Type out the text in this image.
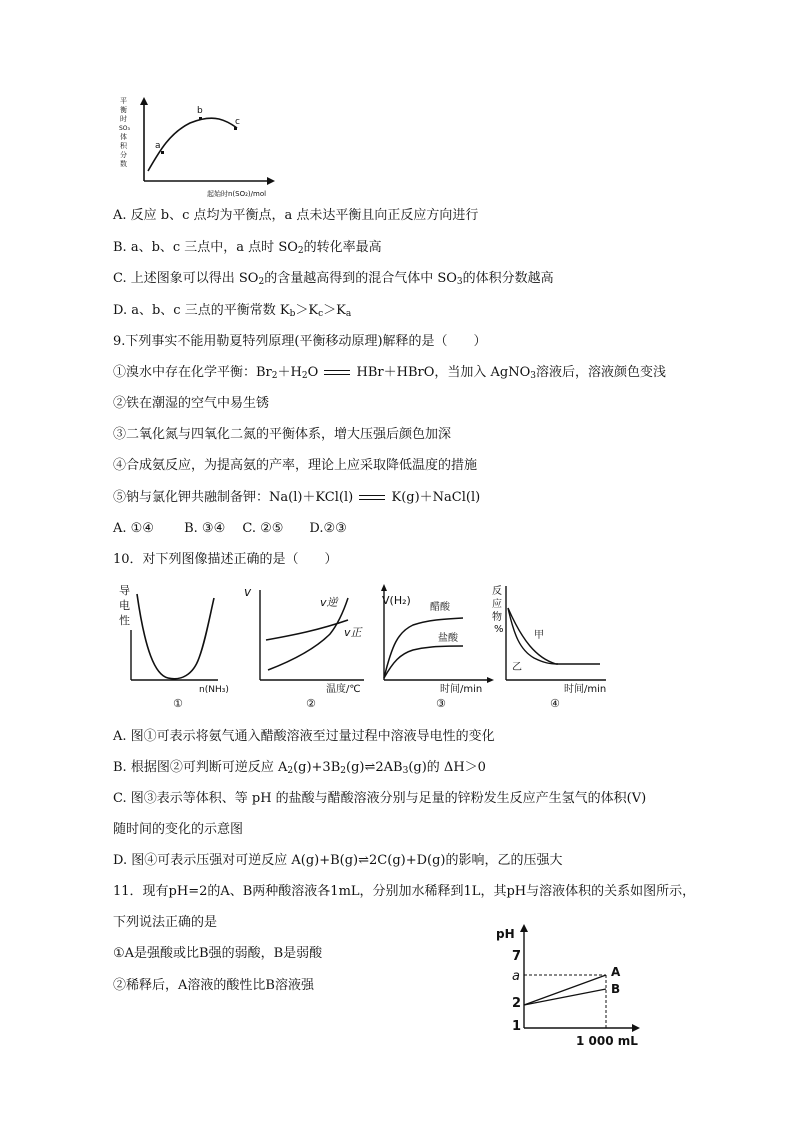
a
b
c
平
衡
时
SO₃
体
积
分
数
起始时n(SO₂)/mol
A. 反应 b、c 点均为平衡点，a 点未达平衡且向正反应方向进行
B. a、b、c 三点中，a 点时 $SO_2$的转化率最高
C. 上述图象可以得出 $SO_2$的含量越高得到的混合气体中 $SO_3$的体积分数越高
D. a、b、c 三点的平衡常数 $K_b>K_c>K_a$
9.下列事实不能用勒夏特列原理(平衡移动原理)解释的是（　　）
①溴水中存在化学平衡：$Br_2+H_2O$	HBr＋HBrO，当加入 AgNO$_3$溶液后，溶液颜色变浅
②铁在潮湿的空气中易生锈
③二氧化氮与四氧化二氮的平衡体系，增大压强后颜色加深
④合成氨反应，为提高氨的产率，理论上应采取降低温度的措施
⑤钠与氯化钾共融制备钾：Na(l)＋KCl(l)	K(g)＋NaCl(l)
A. ①④　　 B. ③④　 C. ②⑤　　D.②③
10．对下列图像描述正确的是（　　）
导
电
性
n(NH₃)
①
v
v逆
v正
温度/℃
②
V(H₂)
醋酸
盐酸
时间/min
③
反
应
物
%
甲
乙
时间/min
④
A. 图①可表示将氨气通入醋酸溶液至过量过程中溶液导电性的变化
B. 根据图②可判断可逆反应 $A_2(g)+3B_2(g)\rightleftharpoons 2AB_3(g)$的 ΔH＞0
C. 图③表示等体积、等 pH 的盐酸与醋酸溶液分别与足量的锌粉发生反应产生氢气的体积(V)
随时间的变化的示意图
D. 图④可表示压强对可逆反应 A(g)+B(g)⇌2C(g)+D(g)的影响，乙的压强大
11．现有pH=2的A、B两种酸溶液各1mL，分别加水稀释到1L，其pH与溶液体积的关系如图所示，
下列说法正确的是
①A是强酸或比B强的弱酸，B是弱酸
②稀释后，A溶液的酸性比B溶液强
pH
7
a
2
1
A
B
1 000 mL
